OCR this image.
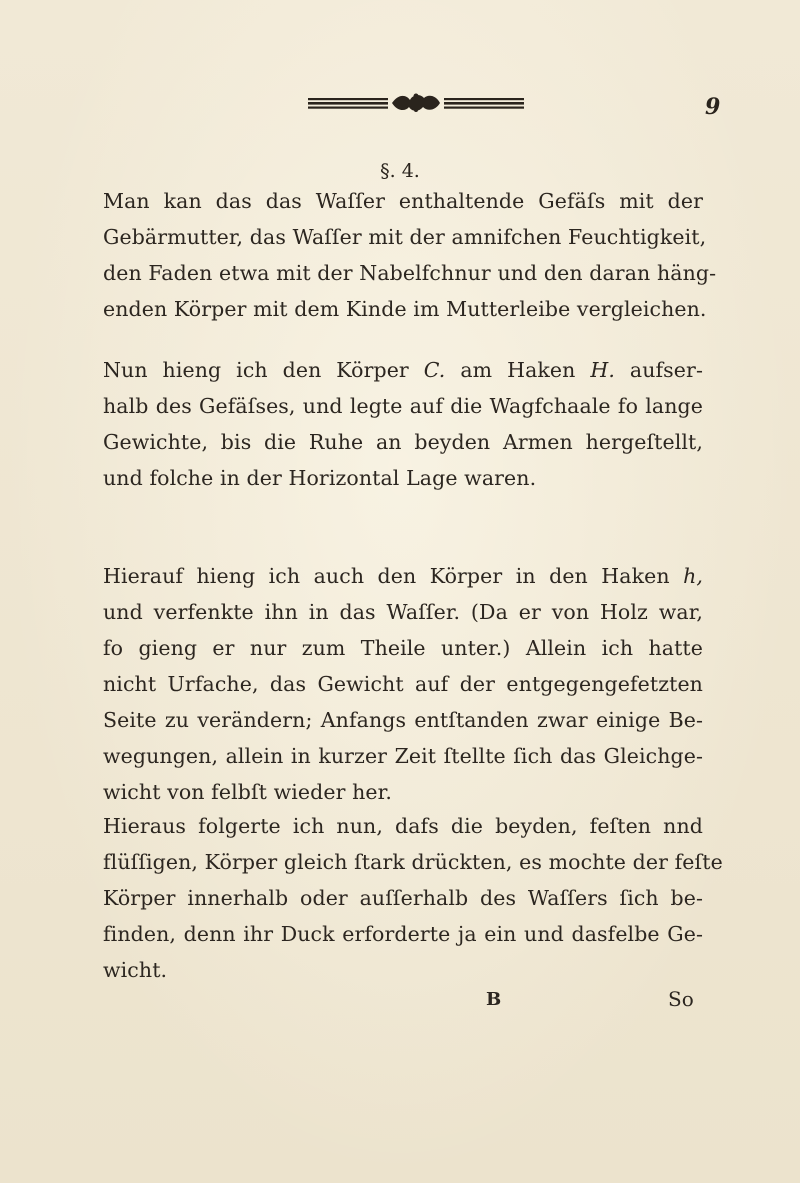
9
§. 4.
Man kan das das Waſſer enthaltende Gefäſs mit der
Gebärmutter, das Waſſer mit der amnifchen Feuchtigkeit,
den Faden etwa mit der Nabelfchnur und den daran häng-
enden Körper mit dem Kinde im Mutterleibe vergleichen.
Nun hieng ich den Körper C. am Haken H. aufser-
halb des Gefäſses, und legte auf die Wagfchaale fo lange
Gewichte, bis die Ruhe an beyden Armen hergeſtellt,
und folche in der Horizontal Lage waren.
Hierauf hieng ich auch den Körper in den Haken h,
und verfenkte ihn in das Waſſer. (Da er von Holz war,
fo gieng er nur zum Theile unter.) Allein ich hatte
nicht Urfache, das Gewicht auf der entgegengefetzten
Seite zu verändern; Anfangs entſtanden zwar einige Be-
wegungen, allein in kurzer Zeit ſtellte ſich das Gleichge-
wicht von felbſt wieder her.
Hieraus folgerte ich nun, dafs die beyden, feſten nnd
flüſſigen, Körper gleich ſtark drückten, es mochte der feſte
Körper innerhalb oder auſſerhalb des Waſſers ſich be-
finden, denn ihr Duck erforderte ja ein und dasfelbe Ge-
wicht.
B	So
